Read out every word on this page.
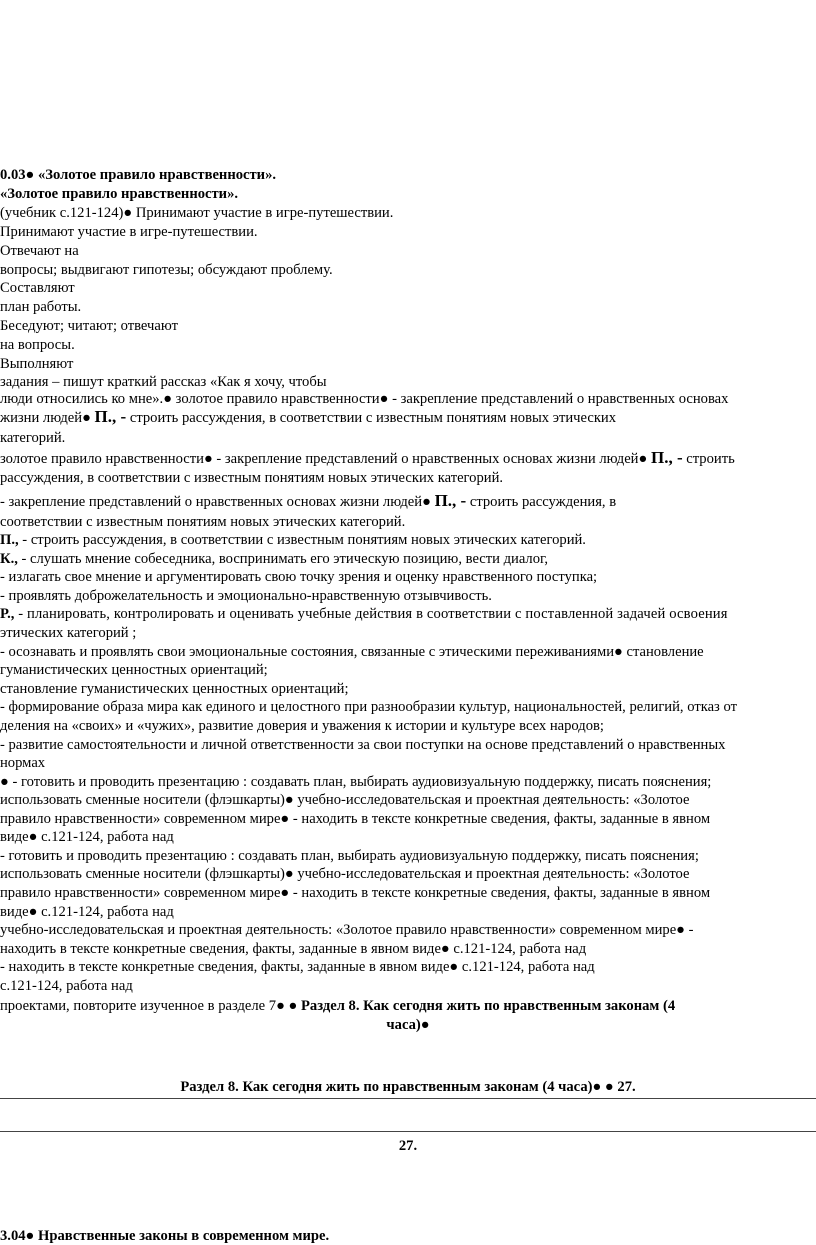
0.03● «Золотое правило нравственности».
«Золотое правило нравственности».
(учебник с.121-124)● Принимают участие в игре-путешествии.
Принимают участие в игре-путешествии.
Отвечают на
вопросы; выдвигают гипотезы; обсуждают проблему.
Составляют
план работы.
Беседуют; читают; отвечают
на вопросы.
Выполняют
задания – пишут краткий рассказ «Как я хочу, чтобы
люди относились ко мне».● золотое правило нравственности● - закрепление представлений о нравственных основах
жизни людей● П., - строить рассуждения, в соответствии с известным понятиям новых этических
категорий.
золотое правило нравственности● - закрепление представлений о нравственных основах жизни людей● П., - строить
рассуждения, в соответствии с известным понятиям новых этических категорий.
- закрепление представлений о нравственных основах жизни людей● П., - строить рассуждения, в
соответствии с известным понятиям новых этических категорий.
П., - строить рассуждения, в соответствии с известным понятиям новых этических категорий.
К., - слушать мнение собеседника, воспринимать его этическую позицию, вести диалог,
- излагать свое мнение и аргументировать свою точку зрения и оценку нравственного поступка;
- проявлять доброжелательность и эмоционально-нравственную отзывчивость.
Р., - планировать, контролировать и оценивать учебные действия в соответствии с поставленной задачей освоения
этических категорий ;
- осознавать и проявлять свои эмоциональные состояния, связанные с этическими переживаниями● становление
гуманистических ценностных ориентаций;
становление гуманистических ценностных ориентаций;
- формирование образа мира как единого и целостного при разнообразии культур, национальностей, религий, отказ от
деления на «своих» и «чужих», развитие доверия и уважения к истории и культуре всех народов;
- развитие самостоятельности и личной ответственности за свои поступки на основе представлений о нравственных
нормах
● - готовить и проводить презентацию : создавать план, выбирать аудиовизуальную поддержку, писать пояснения;
использовать сменные носители (флэшкарты)● учебно-исследовательская и проектная деятельность: «Золотое
правило нравственности» современном мире● - находить в тексте конкретные сведения, факты, заданные в явном
виде● с.121-124, работа над
- готовить и проводить презентацию : создавать план, выбирать аудиовизуальную поддержку, писать пояснения;
использовать сменные носители (флэшкарты)● учебно-исследовательская и проектная деятельность: «Золотое
правило нравственности» современном мире● - находить в тексте конкретные сведения, факты, заданные в явном
виде● с.121-124, работа над
учебно-исследовательская и проектная деятельность: «Золотое правило нравственности» современном мире● -
находить в тексте конкретные сведения, факты, заданные в явном виде● с.121-124, работа над
- находить в тексте конкретные сведения, факты, заданные в явном виде● с.121-124, работа над
с.121-124, работа над
проектами, повторите изученное в разделе 7● ● Раздел 8. Как сегодня жить по нравственным законам (4
часа)●
Раздел 8. Как сегодня жить по нравственным законам (4 часа)● ● 27.
27.
3.04● Нравственные законы в современном мире.
